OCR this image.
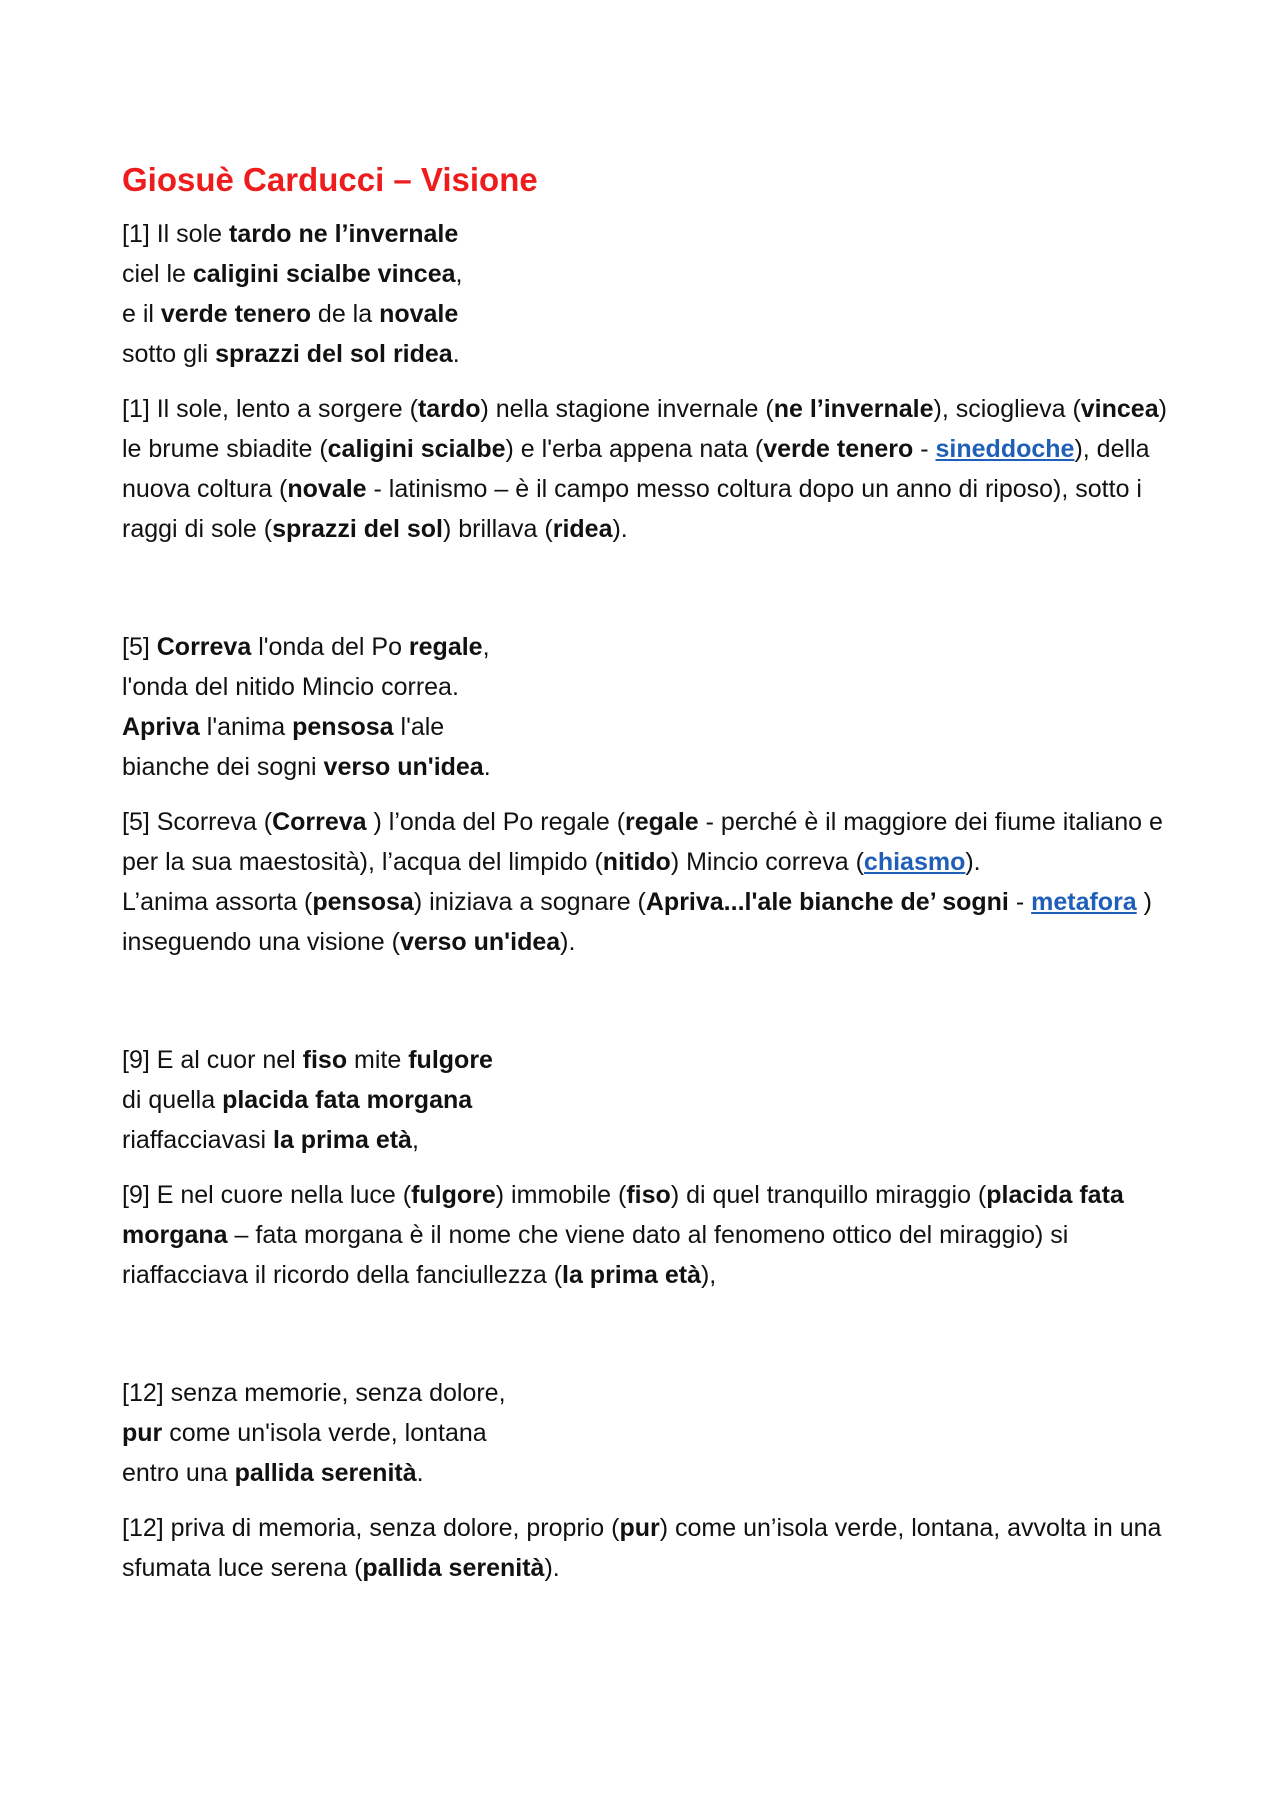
Giosuè Carducci – Visione
[1] Il sole tardo ne l’invernale
ciel le caligini scialbe vincea,
e il verde tenero de la novale
sotto gli sprazzi del sol ridea.

[1] Il sole, lento a sorgere (tardo) nella stagione invernale (ne l’invernale), scioglieva (vincea) le brume sbiadite (caligini scialbe) e l'erba appena nata (verde tenero - sineddoche), della nuova coltura (novale - latinismo – è il campo messo coltura dopo un anno di riposo), sotto i raggi di sole (sprazzi del sol) brillava (ridea).

[5] Correva l'onda del Po regale,
l'onda del nitido Mincio correa.
Apriva l'anima pensosa l'ale
bianche dei sogni verso un'idea.

[5] Scorreva (Correva ) l’onda del Po regale (regale - perché è il maggiore dei fiume italiano e per la sua maestosità), l’acqua del limpido (nitido) Mincio correva (chiasmo).
L’anima assorta (pensosa) iniziava a sognare (Apriva...l'ale bianche de’ sogni - metafora ) inseguendo una visione (verso un'idea).

[9] E al cuor nel fiso mite fulgore
di quella placida fata morgana
riaffacciavasi la prima età,

[9] E nel cuore nella luce (fulgore) immobile (fiso) di quel tranquillo miraggio (placida fata morgana – fata morgana è il nome che viene dato al fenomeno ottico del miraggio) si riaffacciava il ricordo della fanciullezza (la prima età),

[12] senza memorie, senza dolore,
pur come un'isola verde, lontana
entro una pallida serenità.

[12] priva di memoria, senza dolore, proprio (pur) come un’isola verde, lontana, avvolta in una sfumata luce serena (pallida serenità).
